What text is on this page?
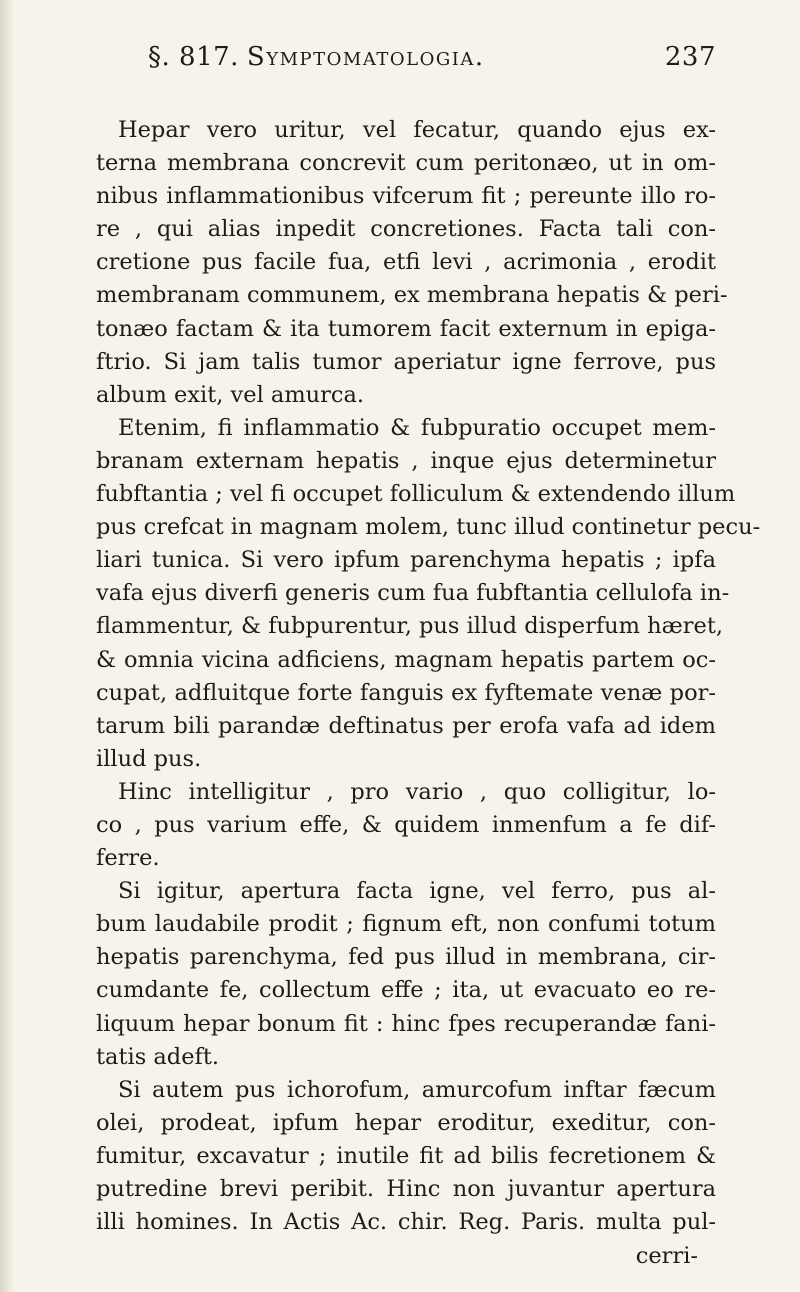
§. 817. Symptomatologia.	237
Hepar vero uritur, vel fecatur, quando ejus ex-
terna membrana concrevit cum peritonæo, ut in om-
nibus inflammationibus vifcerum fit ; pereunte illo ro-
re , qui alias inpedit concretiones. Facta tali con-
cretione pus facile fua, etfi levi , acrimonia , erodit
membranam communem, ex membrana hepatis & peri-
tonæo factam & ita tumorem facit externum in epiga-
ftrio. Si jam talis tumor aperiatur igne ferrove, pus
album exit, vel amurca.
Etenim, fi inflammatio & fubpuratio occupet mem-
branam externam hepatis , inque ejus determinetur
fubftantia ; vel fi occupet folliculum & extendendo illum
pus crefcat in magnam molem, tunc illud continetur pecu-
liari tunica. Si vero ipfum parenchyma hepatis ; ipfa
vafa ejus diverfi generis cum fua fubftantia cellulofa in-
flammentur, & fubpurentur, pus illud disperfum hæret,
& omnia vicina adficiens, magnam hepatis partem oc-
cupat, adfluitque forte fanguis ex fyftemate venæ por-
tarum bili parandæ deftinatus per erofa vafa ad idem
illud pus.
Hinc intelligitur , pro vario , quo colligitur, lo-
co , pus varium effe, & quidem inmenfum a fe dif-
ferre.
Si igitur, apertura facta igne, vel ferro, pus al-
bum laudabile prodit ; fignum eft, non confumi totum
hepatis parenchyma, fed pus illud in membrana, cir-
cumdante fe, collectum effe ; ita, ut evacuato eo re-
liquum hepar bonum fit : hinc fpes recuperandæ fani-
tatis adeft.
Si autem pus ichorofum, amurcofum inftar fæcum
olei, prodeat, ipfum hepar eroditur, exeditur, con-
fumitur, excavatur ; inutile fit ad bilis fecretionem &
putredine brevi peribit. Hinc non juvantur apertura
illi homines. In Actis Ac. chir. Reg. Paris. multa pul-
cerri-
